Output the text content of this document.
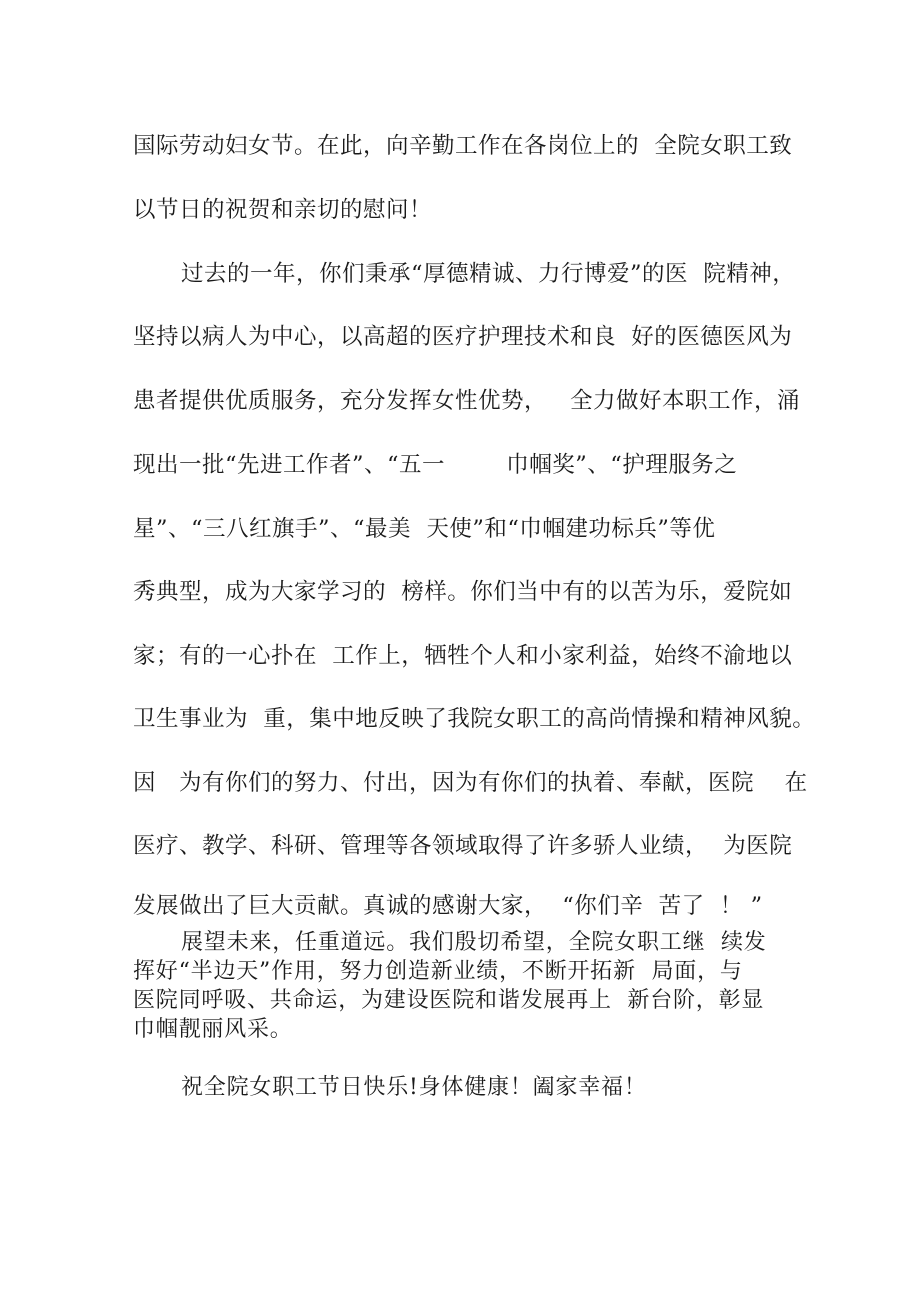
国际劳动妇女节。在此，向辛勤工作在各岗位上的  全院女职工致
以节日的祝贺和亲切的慰问！
过去的一年，你们秉承“厚德精诚、力行博爱”的医  院精神，
坚持以病人为中心，以高超的医疗护理技术和良  好的医德医风为
患者提供优质服务，充分发挥女性优势，   全力做好本职工作，涌
现出一批“先进工作者”、“五一        巾帼奖”、“护理服务之
星”、“三八红旗手”、“最美  天使”和“巾帼建功标兵”等优
秀典型，成为大家学习的  榜样。你们当中有的以苦为乐，爱院如
家；有的一心扑在  工作上，牺牲个人和小家利益，始终不渝地以
卫生事业为  重，集中地反映了我院女职工的高尚情操和精神风貌。
因   为有你们的努力、付出，因为有你们的执着、奉献，医院    在
医疗、教学、科研、管理等各领域取得了许多骄人业绩，  为医院
发展做出了巨大贡献。真诚的感谢大家，  “你们辛  苦了  ！ ”
展望未来，任重道远。我们殷切希望，全院女职工继  续发
挥好“半边天”作用，努力创造新业绩，不断开拓新  局面，与
医院同呼吸、共命运，为建设医院和谐发展再上  新台阶，彰显
巾帼靓丽风采。
祝全院女职工节日快乐!身体健康！阖家幸福！
